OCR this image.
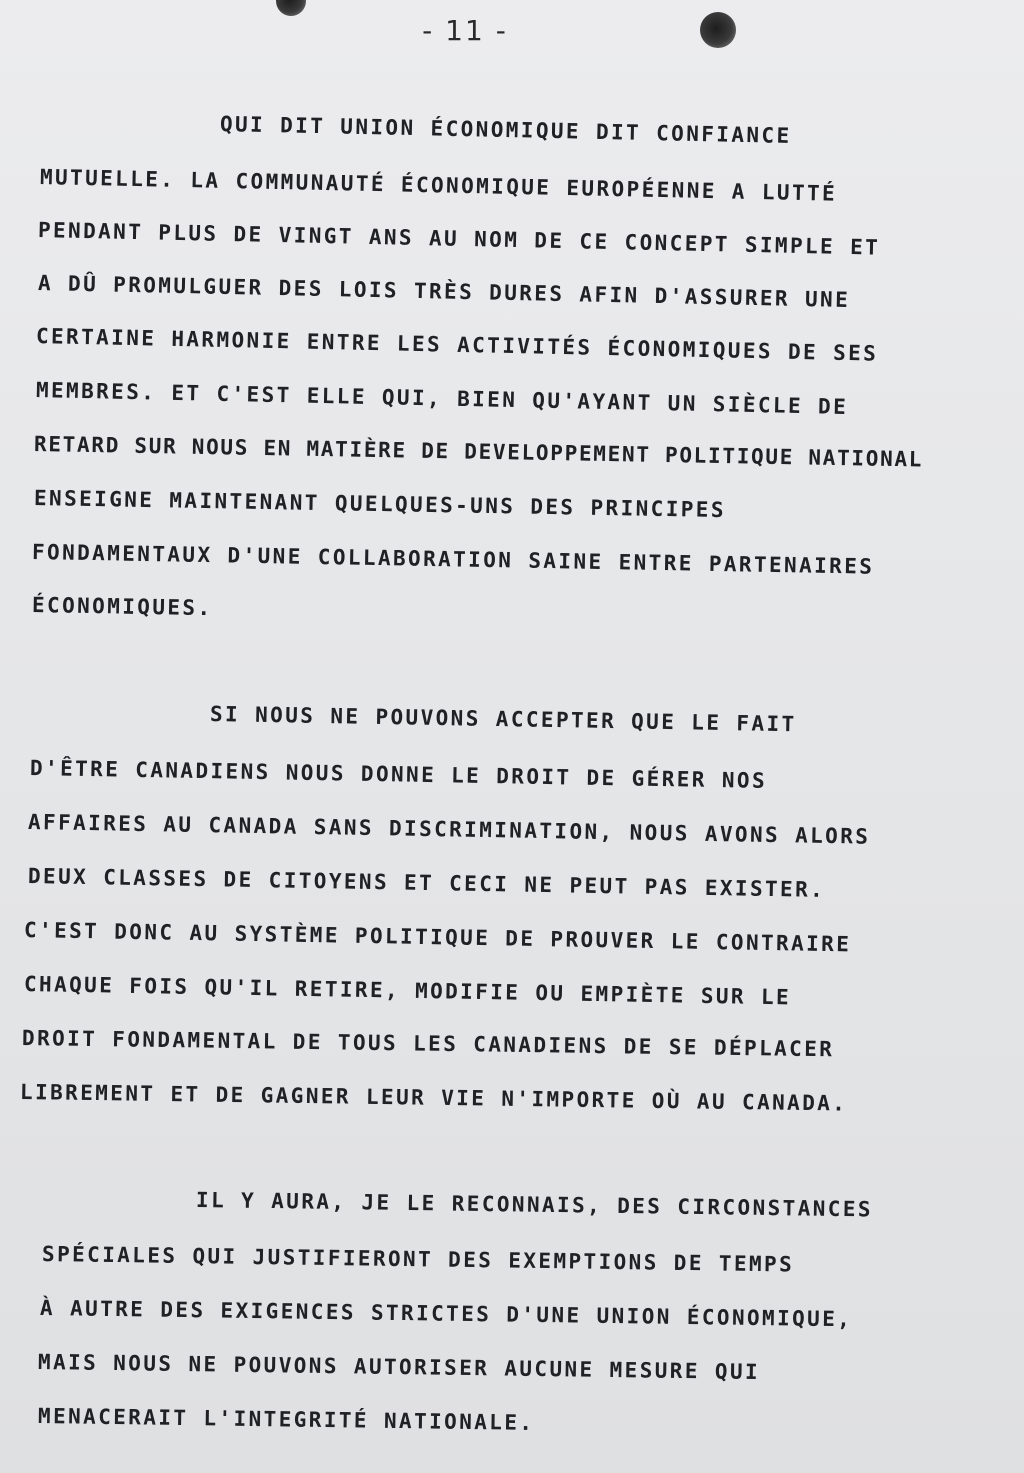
- 11 -
QUI DIT UNION ÉCONOMIQUE DIT CONFIANCE
MUTUELLE. LA COMMUNAUTÉ ÉCONOMIQUE EUROPÉENNE A LUTTÉ
PENDANT PLUS DE VINGT ANS AU NOM DE CE CONCEPT SIMPLE ET
A DÛ PROMULGUER DES LOIS TRÈS DURES AFIN D'ASSURER UNE
CERTAINE HARMONIE ENTRE LES ACTIVITÉS ÉCONOMIQUES DE SES
MEMBRES. ET C'EST ELLE QUI, BIEN QU'AYANT UN SIÈCLE DE
RETARD SUR NOUS EN MATIÈRE DE DEVELOPPEMENT POLITIQUE NATIONAL
ENSEIGNE MAINTENANT QUELQUES-UNS DES PRINCIPES
FONDAMENTAUX D'UNE COLLABORATION SAINE ENTRE PARTENAIRES
ÉCONOMIQUES.
SI NOUS NE POUVONS ACCEPTER QUE LE FAIT
D'ÊTRE CANADIENS NOUS DONNE LE DROIT DE GÉRER NOS
AFFAIRES AU CANADA SANS DISCRIMINATION, NOUS AVONS ALORS
DEUX CLASSES DE CITOYENS ET CECI NE PEUT PAS EXISTER.
C'EST DONC AU SYSTÈME POLITIQUE DE PROUVER LE CONTRAIRE
CHAQUE FOIS QU'IL RETIRE, MODIFIE OU EMPIÈTE SUR LE
DROIT FONDAMENTAL DE TOUS LES CANADIENS DE SE DÉPLACER
LIBREMENT ET DE GAGNER LEUR VIE N'IMPORTE OÙ AU CANADA.
IL Y AURA, JE LE RECONNAIS, DES CIRCONSTANCES
SPÉCIALES QUI JUSTIFIERONT DES EXEMPTIONS DE TEMPS
À AUTRE DES EXIGENCES STRICTES D'UNE UNION ÉCONOMIQUE,
MAIS NOUS NE POUVONS AUTORISER AUCUNE MESURE QUI
MENACERAIT L'INTEGRITÉ NATIONALE.
